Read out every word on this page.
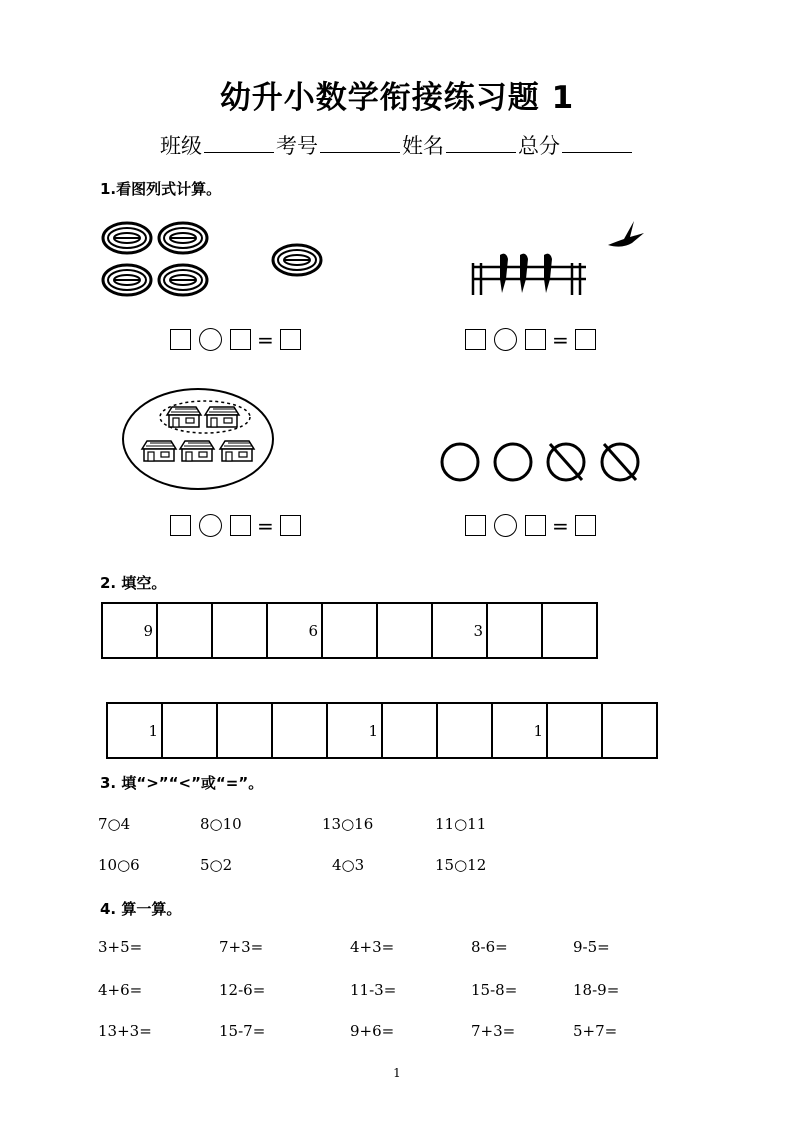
幼升小数学衔接练习题 1
班级	考号	姓名	总分
1.看图列式计算。
=	=
=	=
2. 填空。
9			6			3		
1				1			1		
3. 填“>”“<”或“=”。
7○4	8○10	13○16	11○11
10○6	5○2	4○3	15○12
4. 算一算。
3+5=	7+3=	4+3=	8-6=	9-5=
4+6=	12-6=	11-3=	15-8=	18-9=
13+3=	15-7=	9+6=	7+3=	5+7=
1
